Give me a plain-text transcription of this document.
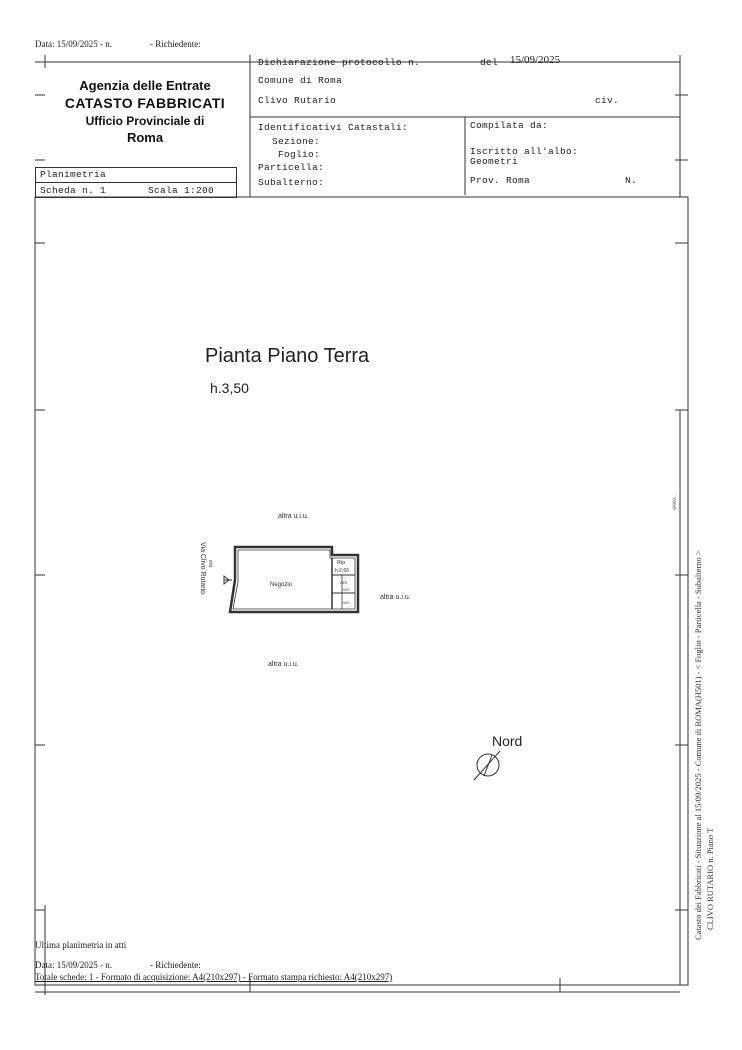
Data: 15/09/2025 - n.	- Richiedente:
Agenzia delle Entrate
CATASTO FABBRICATI
Ufficio Provinciale di
Roma
Dichiarazione protocollo n.	del 15/09/2025
Comune di Roma
Clivo Rutario	civ.
Identificativi Catastali:
Sezione:
Foglio:
Particella:
Subalterno:
Compilata da:
Iscritto all'albo:
Geometri
Prov. Roma	N.
Planimetria
Scheda n. 1	Scala 1:200
Pianta Piano Terra
h.3,50
altra u.i.u.
altra u.i.u.
altra u.i.u.
Via Clivo Rutario ent.
Negozio
Rip
h.2,60
Ant
WC
WC
Nord	Catasto dei Fabbricati - Situazione al 15/09/2025 - Comune di ROMA(H501) - < Foglio - Particella - Subalterno > CLIVO RUTARIO n. Piano T
s0000...
Ultima planimetria in atti
Data: 15/09/2025 - n.	- Richiedente:
Totale schede: 1 - Formato di acquisizione: A4(210x297) - Formato stampa richiesto: A4(210x297)
